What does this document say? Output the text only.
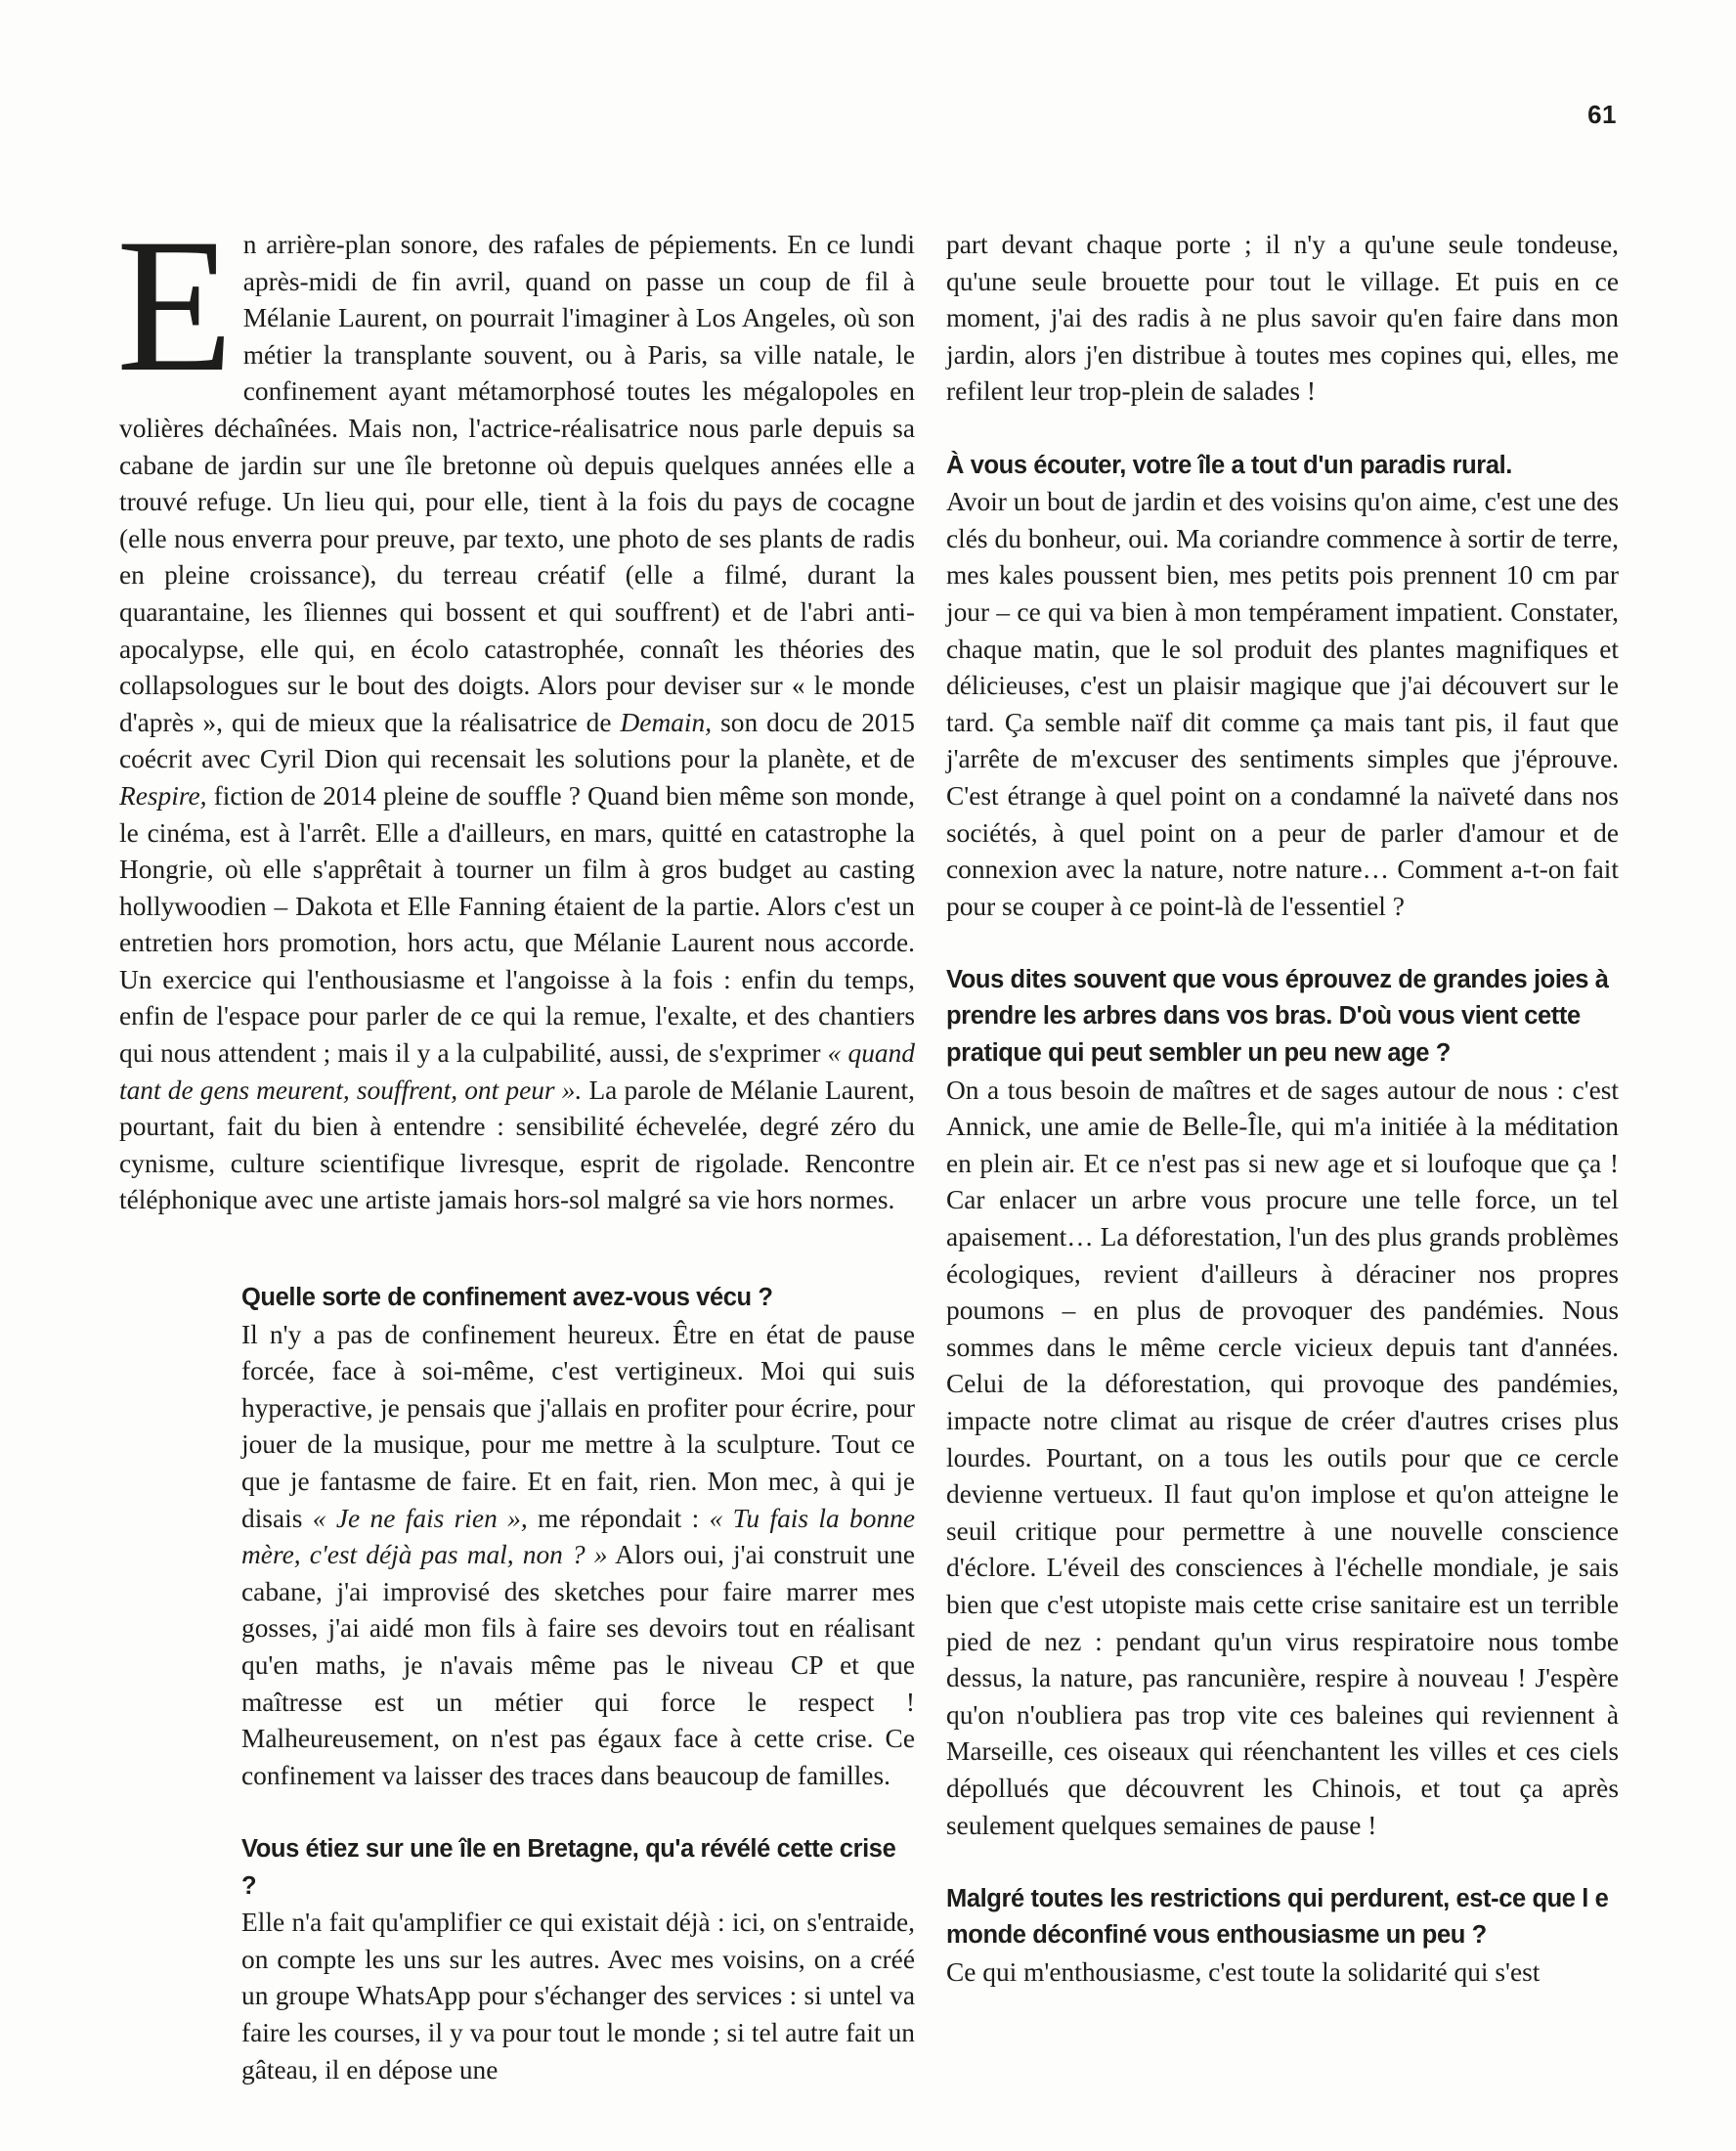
61

En arrière-plan sonore, des rafales de pépiements. En ce lundi après-midi de fin avril, quand on passe un coup de fil à Mélanie Laurent, on pourrait l'imaginer à Los Angeles, où son métier la transplante souvent, ou à Paris, sa ville natale, le confinement ayant métamorphosé toutes les mégalopoles en volières déchaînées. Mais non, l'actrice-réalisatrice nous parle depuis sa cabane de jardin sur une île bretonne où depuis quelques années elle a trouvé refuge. Un lieu qui, pour elle, tient à la fois du pays de cocagne (elle nous enverra pour preuve, par texto, une photo de ses plants de radis en pleine croissance), du terreau créatif (elle a filmé, durant la quarantaine, les îliennes qui bossent et qui souffrent) et de l'abri anti-apocalypse, elle qui, en écolo catastrophée, connaît les théories des collapsologues sur le bout des doigts. Alors pour deviser sur « le monde d'après », qui de mieux que la réalisatrice de Demain, son docu de 2015 coécrit avec Cyril Dion qui recensait les solutions pour la planète, et de Respire, fiction de 2014 pleine de souffle ? Quand bien même son monde, le cinéma, est à l'arrêt. Elle a d'ailleurs, en mars, quitté en catastrophe la Hongrie, où elle s'apprêtait à tourner un film à gros budget au casting hollywoodien – Dakota et Elle Fanning étaient de la partie. Alors c'est un entretien hors promotion, hors actu, que Mélanie Laurent nous accorde. Un exercice qui l'enthousiasme et l'angoisse à la fois : enfin du temps, enfin de l'espace pour parler de ce qui la remue, l'exalte, et des chantiers qui nous attendent ; mais il y a la culpabilité, aussi, de s'exprimer « quand tant de gens meurent, souffrent, ont peur ». La parole de Mélanie Laurent, pourtant, fait du bien à entendre : sensibilité échevelée, degré zéro du cynisme, culture scientifique livresque, esprit de rigolade. Rencontre téléphonique avec une artiste jamais hors-sol malgré sa vie hors normes.

Quelle sorte de confinement avez-vous vécu ?

Il n'y a pas de confinement heureux. Être en état de pause forcée, face à soi-même, c'est vertigineux. Moi qui suis hyperactive, je pensais que j'allais en profiter pour écrire, pour jouer de la musique, pour me mettre à la sculpture. Tout ce que je fantasme de faire. Et en fait, rien. Mon mec, à qui je disais « Je ne fais rien », me répondait : « Tu fais la bonne mère, c'est déjà pas mal, non ? » Alors oui, j'ai construit une cabane, j'ai improvisé des sketches pour faire marrer mes gosses, j'ai aidé mon fils à faire ses devoirs tout en réalisant qu'en maths, je n'avais même pas le niveau CP et que maîtresse est un métier qui force le respect ! Malheureusement, on n'est pas égaux face à cette crise. Ce confinement va laisser des traces dans beaucoup de familles.

Vous étiez sur une île en Bretagne, qu'a révélé cette crise ?

Elle n'a fait qu'amplifier ce qui existait déjà : ici, on s'entraide, on compte les uns sur les autres. Avec mes voisins, on a créé un groupe WhatsApp pour s'échanger des services : si untel va faire les courses, il y va pour tout le monde ; si tel autre fait un gâteau, il en dépose une

part devant chaque porte ; il n'y a qu'une seule tondeuse, qu'une seule brouette pour tout le village. Et puis en ce moment, j'ai des radis à ne plus savoir qu'en faire dans mon jardin, alors j'en distribue à toutes mes copines qui, elles, me refilent leur trop-plein de salades !

À vous écouter, votre île a tout d'un paradis rural.

Avoir un bout de jardin et des voisins qu'on aime, c'est une des clés du bonheur, oui. Ma coriandre commence à sortir de terre, mes kales poussent bien, mes petits pois prennent 10 cm par jour – ce qui va bien à mon tempérament impatient. Constater, chaque matin, que le sol produit des plantes magnifiques et délicieuses, c'est un plaisir magique que j'ai découvert sur le tard. Ça semble naïf dit comme ça mais tant pis, il faut que j'arrête de m'excuser des sentiments simples que j'éprouve. C'est étrange à quel point on a condamné la naïveté dans nos sociétés, à quel point on a peur de parler d'amour et de connexion avec la nature, notre nature… Comment a-t-on fait pour se couper à ce point-là de l'essentiel ?

Vous dites souvent que vous éprouvez de grandes joies à prendre les arbres dans vos bras. D'où vous vient cette pratique qui peut sembler un peu new age ?

On a tous besoin de maîtres et de sages autour de nous : c'est Annick, une amie de Belle-Île, qui m'a initiée à la méditation en plein air. Et ce n'est pas si new age et si loufoque que ça ! Car enlacer un arbre vous procure une telle force, un tel apaisement… La déforestation, l'un des plus grands problèmes écologiques, revient d'ailleurs à déraciner nos propres poumons – en plus de provoquer des pandémies. Nous sommes dans le même cercle vicieux depuis tant d'années. Celui de la déforestation, qui provoque des pandémies, impacte notre climat au risque de créer d'autres crises plus lourdes. Pourtant, on a tous les outils pour que ce cercle devienne vertueux. Il faut qu'on implose et qu'on atteigne le seuil critique pour permettre à une nouvelle conscience d'éclore. L'éveil des consciences à l'échelle mondiale, je sais bien que c'est utopiste mais cette crise sanitaire est un terrible pied de nez : pendant qu'un virus respiratoire nous tombe dessus, la nature, pas rancunière, respire à nouveau ! J'espère qu'on n'oubliera pas trop vite ces baleines qui reviennent à Marseille, ces oiseaux qui réenchantent les villes et ces ciels dépollués que découvrent les Chinois, et tout ça après seulement quelques semaines de pause !

Malgré toutes les restrictions qui perdurent, est-ce que l e monde déconfiné vous enthousiasme un peu ?

Ce qui m'enthousiasme, c'est toute la solidarité qui s'est
